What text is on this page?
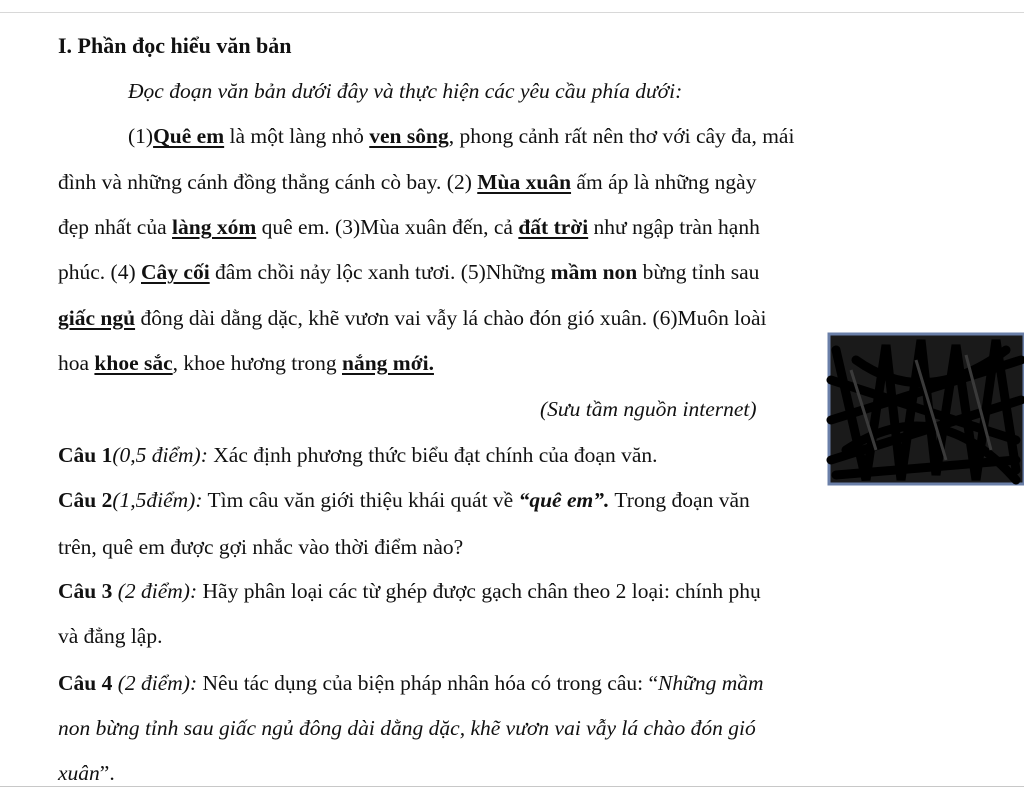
I. Phần đọc hiểu văn bản
Đọc đoạn văn bản dưới đây và thực hiện các yêu cầu phía dưới:
(1)Quê em là một làng nhỏ ven sông, phong cảnh rất nên thơ với cây đa, mái
đình và những cánh đồng thẳng cánh cò bay. (2) Mùa xuân ấm áp là những ngày
đẹp nhất của làng xóm quê em. (3)Mùa xuân đến, cả đất trời như ngập tràn hạnh
phúc. (4) Cây cối đâm chồi nảy lộc xanh tươi. (5)Những mầm non bừng tỉnh sau
giấc ngủ đông dài dằng dặc, khẽ vươn vai vẫy lá chào đón gió xuân. (6)Muôn loài
hoa khoe sắc, khoe hương trong nắng mới.
(Sưu tầm nguồn internet)
Câu 1(0,5 điểm): Xác định phương thức biểu đạt chính của đoạn văn.
Câu 2(1,5điểm): Tìm câu văn giới thiệu khái quát về “quê em”. Trong đoạn văn
trên, quê em được gợi nhắc vào thời điểm nào?
Câu 3 (2 điểm): Hãy phân loại các từ ghép được gạch chân theo 2 loại: chính phụ
và đẳng lập.
Câu 4 (2 điểm): Nêu tác dụng của biện pháp nhân hóa có trong câu: “Những mầm
non bừng tỉnh sau giấc ngủ đông dài dằng dặc, khẽ vươn vai vẫy lá chào đón gió
xuân”.
